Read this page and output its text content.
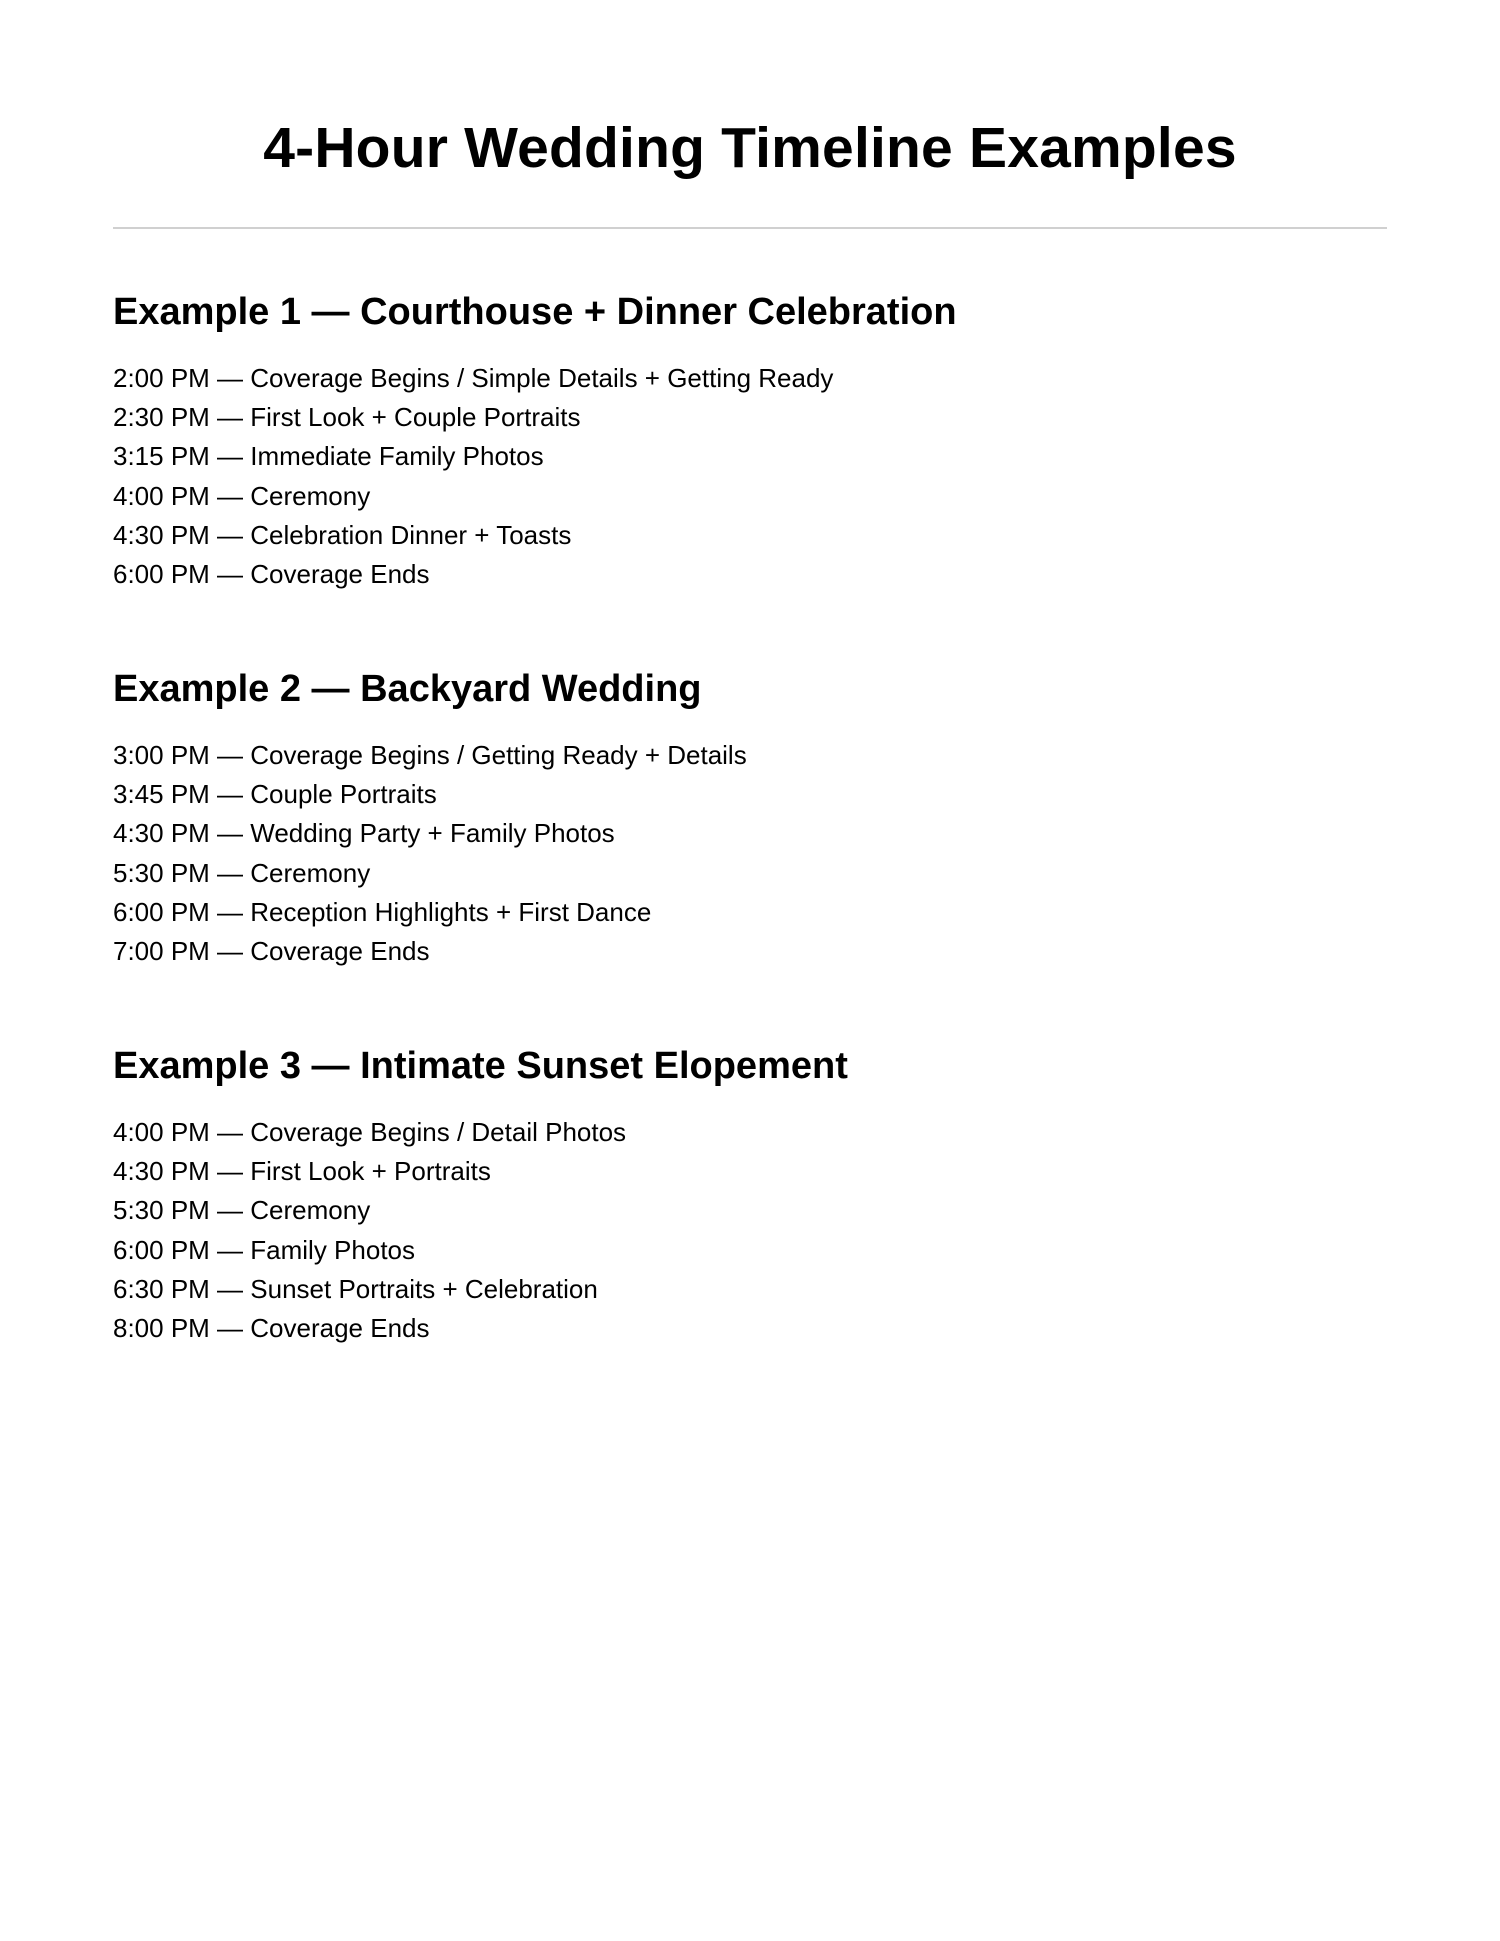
4-Hour Wedding Timeline Examples
Example 1 — Courthouse + Dinner Celebration
2:00 PM — Coverage Begins / Simple Details + Getting Ready
2:30 PM — First Look + Couple Portraits
3:15 PM — Immediate Family Photos
4:00 PM — Ceremony
4:30 PM — Celebration Dinner + Toasts
6:00 PM — Coverage Ends
Example 2 — Backyard Wedding
3:00 PM — Coverage Begins / Getting Ready + Details
3:45 PM — Couple Portraits
4:30 PM — Wedding Party + Family Photos
5:30 PM — Ceremony
6:00 PM — Reception Highlights + First Dance
7:00 PM — Coverage Ends
Example 3 — Intimate Sunset Elopement
4:00 PM — Coverage Begins / Detail Photos
4:30 PM — First Look + Portraits
5:30 PM — Ceremony
6:00 PM — Family Photos
6:30 PM — Sunset Portraits + Celebration
8:00 PM — Coverage Ends
